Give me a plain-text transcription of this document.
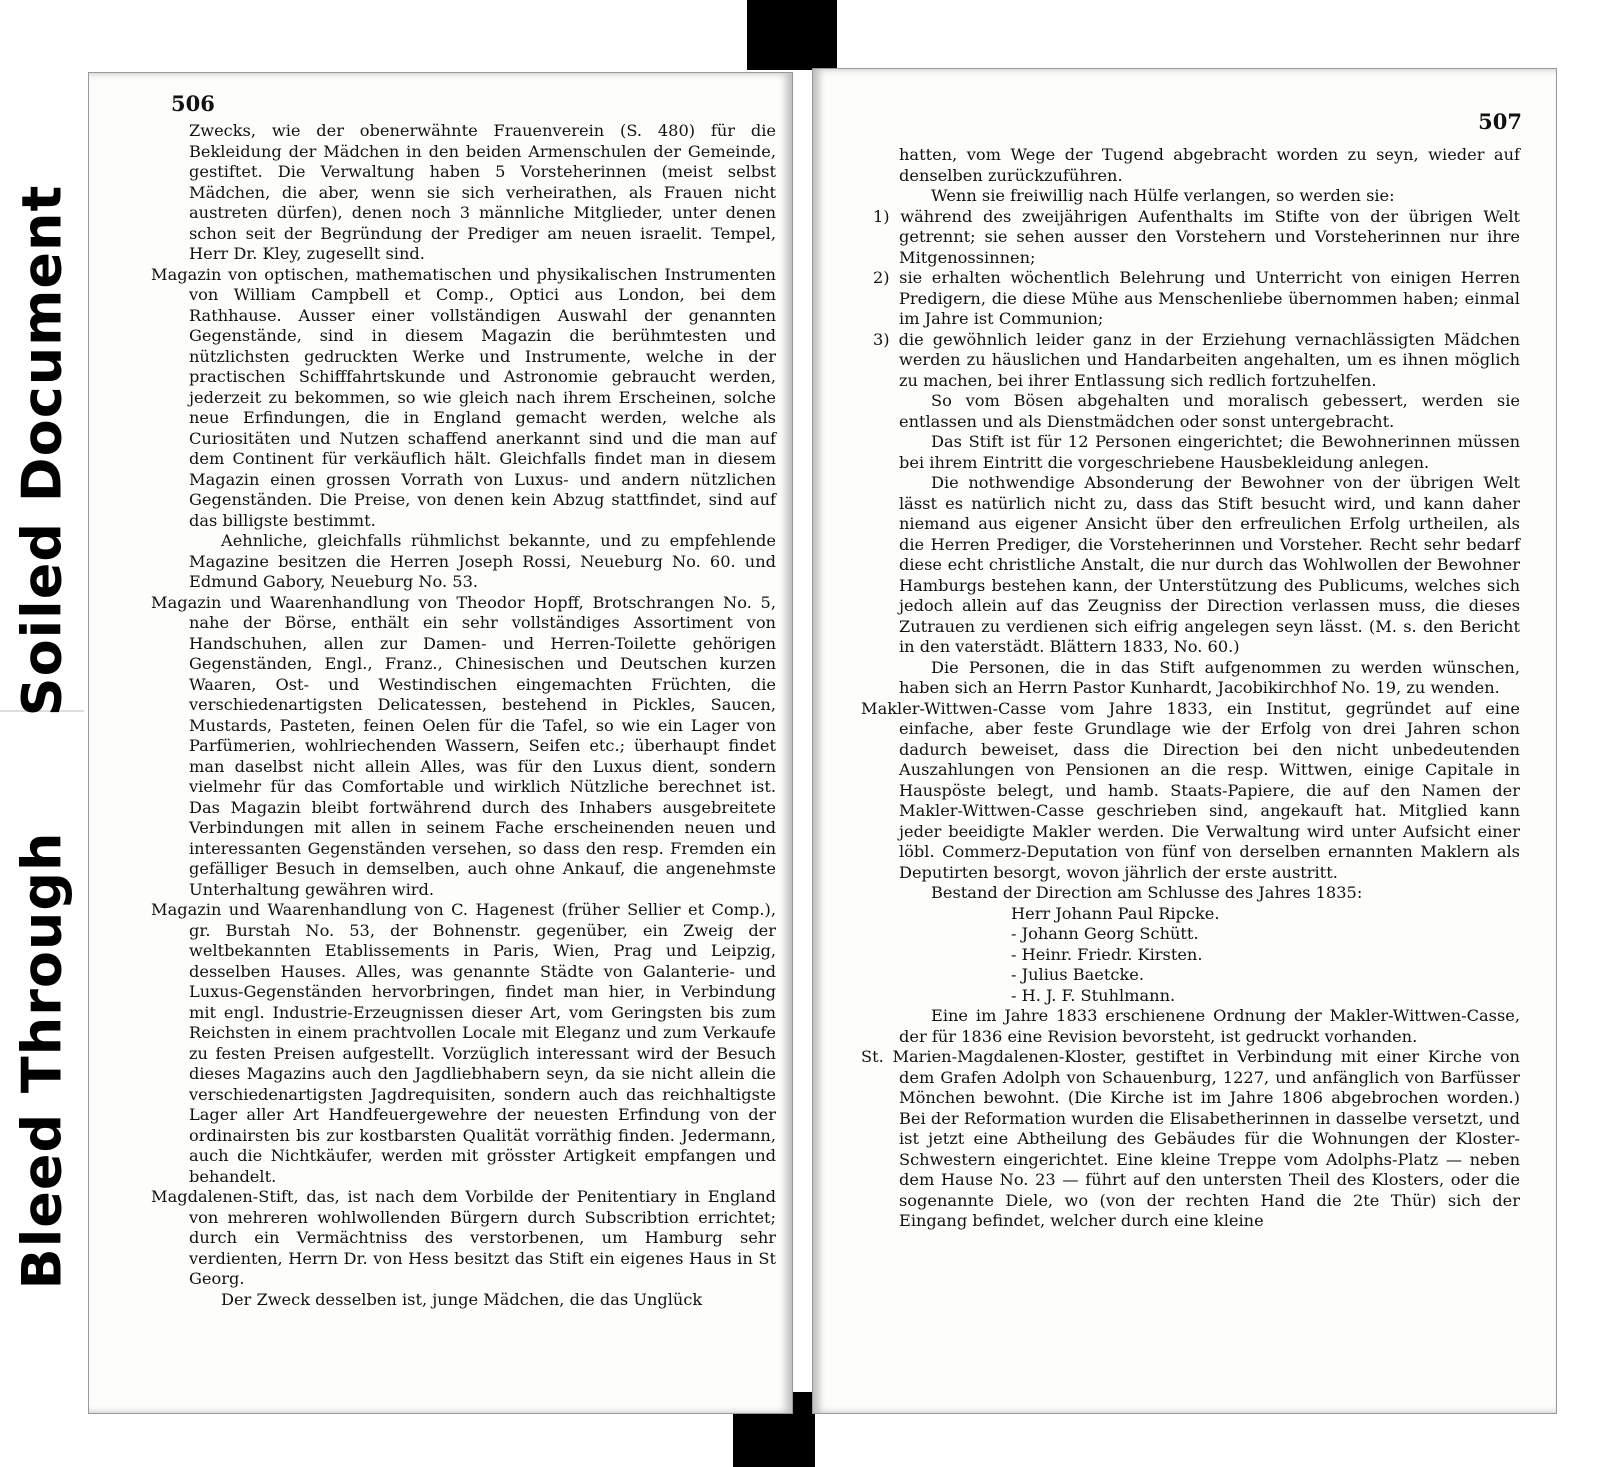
Soiled Document
Bleed Through
506

Zwecks, wie der obenerwähnte Frauenverein (S. 480) für die Bekleidung der Mädchen in den beiden Armenschulen der Gemeinde, gestiftet. Die Verwaltung haben 5 Vorsteherinnen (meist selbst Mädchen, die aber, wenn sie sich verheirathen, als Frauen nicht austreten dürfen), denen noch 3 männliche Mitglieder, unter denen schon seit der Begründung der Prediger am neuen israelit. Tempel, Herr Dr. Kley, zugesellt sind.

Magazin von optischen, mathematischen und physikalischen Instrumenten von William Campbell et Comp., Optici aus London, bei dem Rathhause. Ausser einer vollständigen Auswahl der genannten Gegenstände, sind in diesem Magazin die berühmtesten und nützlichsten gedruckten Werke und Instrumente, welche in der practischen Schifffahrtskunde und Astronomie gebraucht werden, jederzeit zu bekommen, so wie gleich nach ihrem Erscheinen, solche neue Erfindungen, die in England gemacht werden, welche als Curiositäten und Nutzen schaffend anerkannt sind und die man auf dem Continent für verkäuflich hält. Gleichfalls findet man in diesem Magazin einen grossen Vorrath von Luxus- und andern nützlichen Gegenständen. Die Preise, von denen kein Abzug stattfindet, sind auf das billigste bestimmt.

Aehnliche, gleichfalls rühmlichst bekannte, und zu empfehlende Magazine besitzen die Herren Joseph Rossi, Neueburg No. 60. und Edmund Gabory, Neueburg No. 53.

Magazin und Waarenhandlung von Theodor Hopff, Brotschrangen No. 5, nahe der Börse, enthält ein sehr vollständiges Assortiment von Handschuhen, allen zur Damen- und Herren-Toilette gehörigen Gegenständen, Engl., Franz., Chinesischen und Deutschen kurzen Waaren, Ost- und Westindischen eingemachten Früchten, die verschiedenartigsten Delicatessen, bestehend in Pickles, Saucen, Mustards, Pasteten, feinen Oelen für die Tafel, so wie ein Lager von Parfümerien, wohlriechenden Wassern, Seifen etc.; überhaupt findet man daselbst nicht allein Alles, was für den Luxus dient, sondern vielmehr für das Comfortable und wirklich Nützliche berechnet ist. Das Magazin bleibt fortwährend durch des Inhabers ausgebreitete Verbindungen mit allen in seinem Fache erscheinenden neuen und interessanten Gegenständen versehen, so dass den resp. Fremden ein gefälliger Besuch in demselben, auch ohne Ankauf, die angenehmste Unterhaltung gewähren wird.

Magazin und Waarenhandlung von C. Hagenest (früher Sellier et Comp.), gr. Burstah No. 53, der Bohnenstr. gegenüber, ein Zweig der weltbekannten Etablissements in Paris, Wien, Prag und Leipzig, desselben Hauses. Alles, was genannte Städte von Galanterie- und Luxus-Gegenständen hervorbringen, findet man hier, in Verbindung mit engl. Industrie-Erzeugnissen dieser Art, vom Geringsten bis zum Reichsten in einem prachtvollen Locale mit Eleganz und zum Verkaufe zu festen Preisen aufgestellt. Vorzüglich interessant wird der Besuch dieses Magazins auch den Jagdliebhabern seyn, da sie nicht allein die verschiedenartigsten Jagdrequisiten, sondern auch das reichhaltigste Lager aller Art Handfeuergewehre der neuesten Erfindung von der ordinairsten bis zur kostbarsten Qualität vorräthig finden. Jedermann, auch die Nichtkäufer, werden mit grösster Artigkeit empfangen und behandelt.

Magdalenen-Stift, das, ist nach dem Vorbilde der Penitentiary in England von mehreren wohlwollenden Bürgern durch Subscribtion errichtet; durch ein Vermächtniss des verstorbenen, um Hamburg sehr verdienten, Herrn Dr. von Hess besitzt das Stift ein eigenes Haus in St Georg.

Der Zweck desselben ist, junge Mädchen, die das Unglück

507

hatten, vom Wege der Tugend abgebracht worden zu seyn, wieder auf denselben zurückzuführen.

Wenn sie freiwillig nach Hülfe verlangen, so werden sie:

1) während des zweijährigen Aufenthalts im Stifte von der übrigen Welt getrennt; sie sehen ausser den Vorstehern und Vorsteherinnen nur ihre Mitgenossinnen;

2) sie erhalten wöchentlich Belehrung und Unterricht von einigen Herren Predigern, die diese Mühe aus Menschenliebe übernommen haben; einmal im Jahre ist Communion;

3) die gewöhnlich leider ganz in der Erziehung vernachlässigten Mädchen werden zu häuslichen und Handarbeiten angehalten, um es ihnen möglich zu machen, bei ihrer Entlassung sich redlich fortzuhelfen.

So vom Bösen abgehalten und moralisch gebessert, werden sie entlassen und als Dienstmädchen oder sonst untergebracht.

Das Stift ist für 12 Personen eingerichtet; die Bewohnerinnen müssen bei ihrem Eintritt die vorgeschriebene Hausbekleidung anlegen.

Die nothwendige Absonderung der Bewohner von der übrigen Welt lässt es natürlich nicht zu, dass das Stift besucht wird, und kann daher niemand aus eigener Ansicht über den erfreulichen Erfolg urtheilen, als die Herren Prediger, die Vorsteherinnen und Vorsteher. Recht sehr bedarf diese echt christliche Anstalt, die nur durch das Wohlwollen der Bewohner Hamburgs bestehen kann, der Unterstützung des Publicums, welches sich jedoch allein auf das Zeugniss der Direction verlassen muss, die dieses Zutrauen zu verdienen sich eifrig angelegen seyn lässt. (M. s. den Bericht in den vaterstädt. Blättern 1833, No. 60.)

Die Personen, die in das Stift aufgenommen zu werden wünschen, haben sich an Herrn Pastor Kunhardt, Jacobikirchhof No. 19, zu wenden.

Makler-Wittwen-Casse vom Jahre 1833, ein Institut, gegründet auf eine einfache, aber feste Grundlage wie der Erfolg von drei Jahren schon dadurch beweiset, dass die Direction bei den nicht unbedeutenden Auszahlungen von Pensionen an die resp. Wittwen, einige Capitale in Hauspöste belegt, und hamb. Staats-Papiere, die auf den Namen der Makler-Wittwen-Casse geschrieben sind, angekauft hat. Mitglied kann jeder beeidigte Makler werden. Die Verwaltung wird unter Aufsicht einer löbl. Commerz-Deputation von fünf von derselben ernannten Maklern als Deputirten besorgt, wovon jährlich der erste austritt.

Bestand der Direction am Schlusse des Jahres 1835:

Herr Johann Paul Ripcke.

- Johann Georg Schütt.

- Heinr. Friedr. Kirsten.

- Julius Baetcke.

- H. J. F. Stuhlmann.

Eine im Jahre 1833 erschienene Ordnung der Makler-Wittwen-Casse, der für 1836 eine Revision bevorsteht, ist gedruckt vorhanden.

St. Marien-Magdalenen-Kloster, gestiftet in Verbindung mit einer Kirche von dem Grafen Adolph von Schauenburg, 1227, und anfänglich von Barfüsser Mönchen bewohnt. (Die Kirche ist im Jahre 1806 abgebrochen worden.) Bei der Reformation wurden die Elisabetherinnen in dasselbe versetzt, und ist jetzt eine Abtheilung des Gebäudes für die Wohnungen der Kloster-Schwestern eingerichtet. Eine kleine Treppe vom Adolphs-Platz — neben dem Hause No. 23 — führt auf den untersten Theil des Klosters, oder die sogenannte Diele, wo (von der rechten Hand die 2te Thür) sich der Eingang befindet, welcher durch eine kleine
